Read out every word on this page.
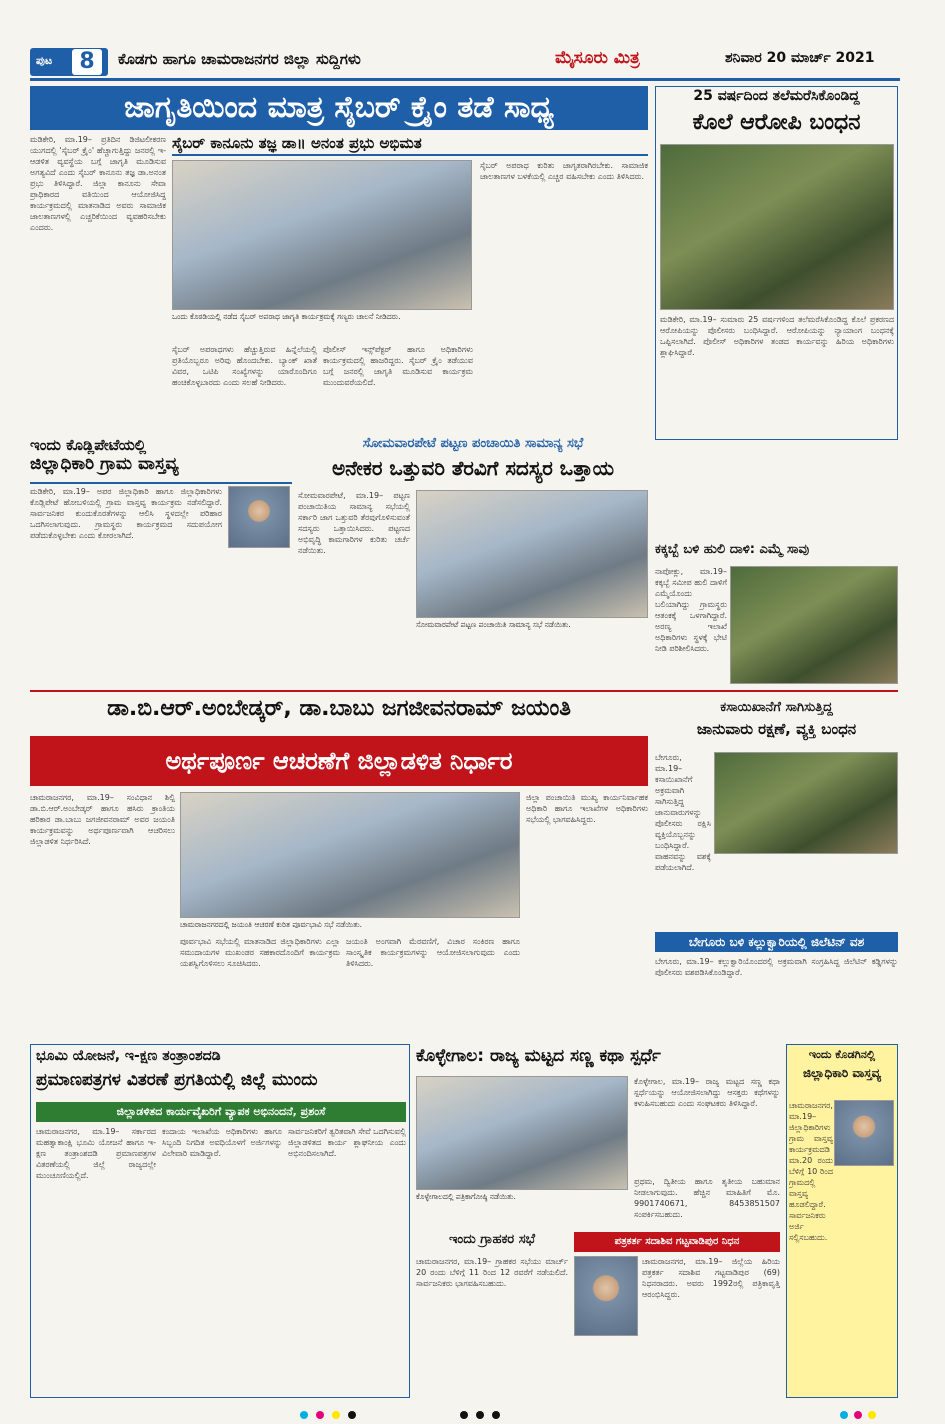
ಪುಟ	8	ಕೊಡಗು ಹಾಗೂ ಚಾಮರಾಜನಗರ ಜಿಲ್ಲಾ ಸುದ್ದಿಗಳು	ಮೈಸೂರು ಮಿತ್ರ	ಶನಿವಾರ 20 ಮಾರ್ಚ್ 2021
ಜಾಗೃತಿಯಿಂದ ಮಾತ್ರ ಸೈಬರ್ ಕ್ರೈಂ ತಡೆ ಸಾಧ್ಯ
ಮಡಿಕೇರಿ, ಮಾ.19– ಪ್ರತಿದಿನ ಡಿಜಿಟಲೀಕರಣ ಯುಗದಲ್ಲಿ 'ಸೈಬರ್ ಕ್ರೈಂ' ಹೆಚ್ಚಾಗುತ್ತಿದ್ದು ಜನರಲ್ಲಿ ಇ-ಆಡಳಿತ ವ್ಯವಸ್ಥೆಯ ಬಗ್ಗೆ ಜಾಗೃತಿ ಮೂಡಿಸುವ ಅಗತ್ಯವಿದೆ ಎಂದು ಸೈಬರ್ ಕಾನೂನು ತಜ್ಞ ಡಾ.ಅನಂತ ಪ್ರಭು ತಿಳಿಸಿದ್ದಾರೆ. ಜಿಲ್ಲಾ ಕಾನೂನು ಸೇವಾ ಪ್ರಾಧಿಕಾರದ ವತಿಯಿಂದ ಆಯೋಜಿಸಿದ್ದ ಕಾರ್ಯಕ್ರಮದಲ್ಲಿ ಮಾತನಾಡಿದ ಅವರು ಸಾಮಾಜಿಕ ಜಾಲತಾಣಗಳಲ್ಲಿ ಎಚ್ಚರಿಕೆಯಿಂದ ವ್ಯವಹರಿಸಬೇಕು ಎಂದರು.
ಸೈಬರ್ ಕಾನೂನು ತಜ್ಞ ಡಾ॥ ಅನಂತ ಪ್ರಭು ಅಭಿಮತ
ಒಂದು ಕೊಠಡಿಯಲ್ಲಿ ನಡೆದ ಸೈಬರ್ ಅಪರಾಧ ಜಾಗೃತಿ ಕಾರ್ಯಕ್ರಮಕ್ಕೆ ಗಣ್ಯರು ಚಾಲನೆ ನೀಡಿದರು.
ಸೈಬರ್ ಅಪರಾಧಗಳು ಹೆಚ್ಚುತ್ತಿರುವ ಹಿನ್ನೆಲೆಯಲ್ಲಿ ಪ್ರತಿಯೊಬ್ಬರೂ ಅರಿವು ಹೊಂದಬೇಕು. ಬ್ಯಾಂಕ್ ಖಾತೆ ವಿವರ, ಒಟಿಪಿ ಸಂಖ್ಯೆಗಳನ್ನು ಯಾರೊಂದಿಗೂ ಹಂಚಿಕೊಳ್ಳಬಾರದು ಎಂದು ಸಲಹೆ ನೀಡಿದರು.
ಪೊಲೀಸ್ ಇನ್ಸ್‌ಪೆಕ್ಟರ್ ಹಾಗೂ ಅಧಿಕಾರಿಗಳು ಕಾರ್ಯಕ್ರಮದಲ್ಲಿ ಹಾಜರಿದ್ದರು. ಸೈಬರ್ ಕ್ರೈಂ ತಡೆಯುವ ಬಗ್ಗೆ ಜನರಲ್ಲಿ ಜಾಗೃತಿ ಮೂಡಿಸುವ ಕಾರ್ಯಕ್ರಮ ಮುಂದುವರೆಯಲಿದೆ.
ಸೈಬರ್ ಅಪರಾಧ ಕುರಿತು ಜಾಗೃತರಾಗಿರಬೇಕು. ಸಾಮಾಜಿಕ ಜಾಲತಾಣಗಳ ಬಳಕೆಯಲ್ಲಿ ಎಚ್ಚರ ವಹಿಸಬೇಕು ಎಂದು ತಿಳಿಸಿದರು.
25 ವರ್ಷದಿಂದ ತಲೆಮರೆಸಿಕೊಂಡಿದ್ದ
ಕೊಲೆ ಆರೋಪಿ ಬಂಧನ
ಮಡಿಕೇರಿ, ಮಾ.19– ಸುಮಾರು 25 ವರ್ಷಗಳಿಂದ ತಲೆಮರೆಸಿಕೊಂಡಿದ್ದ ಕೊಲೆ ಪ್ರಕರಣದ ಆರೋಪಿಯನ್ನು ಪೊಲೀಸರು ಬಂಧಿಸಿದ್ದಾರೆ. ಆರೋಪಿಯನ್ನು ನ್ಯಾಯಾಂಗ ಬಂಧನಕ್ಕೆ ಒಪ್ಪಿಸಲಾಗಿದೆ. ಪೊಲೀಸ್ ಅಧಿಕಾರಿಗಳ ತಂಡದ ಕಾರ್ಯವನ್ನು ಹಿರಿಯ ಅಧಿಕಾರಿಗಳು ಶ್ಲಾಘಿಸಿದ್ದಾರೆ.
ಇಂದು ಕೊಡ್ಲಿಪೇಟೆಯಲ್ಲಿ
ಜಿಲ್ಲಾಧಿಕಾರಿ ಗ್ರಾಮ ವಾಸ್ತವ್ಯ
ಮಡಿಕೇರಿ, ಮಾ.19– ಅಪರ ಜಿಲ್ಲಾಧಿಕಾರಿ ಹಾಗೂ ಜಿಲ್ಲಾಧಿಕಾರಿಗಳು ಕೊಡ್ಲಿಪೇಟೆ ಹೋಬಳಿಯಲ್ಲಿ ಗ್ರಾಮ ವಾಸ್ತವ್ಯ ಕಾರ್ಯಕ್ರಮ ನಡೆಸಲಿದ್ದಾರೆ. ಸಾರ್ವಜನಿಕರ ಕುಂದುಕೊರತೆಗಳನ್ನು ಆಲಿಸಿ ಸ್ಥಳದಲ್ಲೇ ಪರಿಹಾರ ಒದಗಿಸಲಾಗುವುದು. ಗ್ರಾಮಸ್ಥರು ಕಾರ್ಯಕ್ರಮದ ಸದುಪಯೋಗ ಪಡೆದುಕೊಳ್ಳಬೇಕು ಎಂದು ಕೋರಲಾಗಿದೆ.
ಸೋಮವಾರಪೇಟೆ ಪಟ್ಟಣ ಪಂಚಾಯಿತಿ ಸಾಮಾನ್ಯ ಸಭೆ
ಅನೇಕರ ಒತ್ತುವರಿ ತೆರವಿಗೆ ಸದಸ್ಯರ ಒತ್ತಾಯ
ಸೋಮವಾರಪೇಟೆ, ಮಾ.19– ಪಟ್ಟಣ ಪಂಚಾಯಿತಿಯ ಸಾಮಾನ್ಯ ಸಭೆಯಲ್ಲಿ ಸರ್ಕಾರಿ ಜಾಗ ಒತ್ತುವರಿ ತೆರವುಗೊಳಿಸುವಂತೆ ಸದಸ್ಯರು ಒತ್ತಾಯಿಸಿದರು. ಪಟ್ಟಣದ ಅಭಿವೃದ್ಧಿ ಕಾಮಗಾರಿಗಳ ಕುರಿತು ಚರ್ಚೆ ನಡೆಯಿತು.
ಸೋಮವಾರಪೇಟೆ ಪಟ್ಟಣ ಪಂಚಾಯಿತಿ ಸಾಮಾನ್ಯ ಸಭೆ ನಡೆಯಿತು.
ಕಕ್ಕಬ್ಬೆ ಬಳಿ ಹುಲಿ ದಾಳಿ: ಎಮ್ಮೆ ಸಾವು
ನಾಪೋಕ್ಲು, ಮಾ.19– ಕಕ್ಕಬ್ಬೆ ಸಮೀಪ ಹುಲಿ ದಾಳಿಗೆ ಎಮ್ಮೆಯೊಂದು ಬಲಿಯಾಗಿದ್ದು ಗ್ರಾಮಸ್ಥರು ಆತಂಕಕ್ಕೆ ಒಳಗಾಗಿದ್ದಾರೆ. ಅರಣ್ಯ ಇಲಾಖೆ ಅಧಿಕಾರಿಗಳು ಸ್ಥಳಕ್ಕೆ ಭೇಟಿ ನೀಡಿ ಪರಿಶೀಲಿಸಿದರು.
ಡಾ.ಬಿ.ಆರ್.ಅಂಬೇಡ್ಕರ್, ಡಾ.ಬಾಬು ಜಗಜೀವನರಾಮ್ ಜಯಂತಿ
ಅರ್ಥಪೂರ್ಣ ಆಚರಣೆಗೆ ಜಿಲ್ಲಾಡಳಿತ ನಿರ್ಧಾರ
ಚಾಮರಾಜನಗರ, ಮಾ.19– ಸಂವಿಧಾನ ಶಿಲ್ಪಿ ಡಾ.ಬಿ.ಆರ್.ಅಂಬೇಡ್ಕರ್ ಹಾಗೂ ಹಸಿರು ಕ್ರಾಂತಿಯ ಹರಿಕಾರ ಡಾ.ಬಾಬು ಜಗಜೀವನರಾಮ್ ಅವರ ಜಯಂತಿ ಕಾರ್ಯಕ್ರಮವನ್ನು ಅರ್ಥಪೂರ್ಣವಾಗಿ ಆಚರಿಸಲು ಜಿಲ್ಲಾಡಳಿತ ನಿರ್ಧರಿಸಿದೆ.
ಚಾಮರಾಜನಗರದಲ್ಲಿ ಜಯಂತಿ ಆಚರಣೆ ಕುರಿತ ಪೂರ್ವಭಾವಿ ಸಭೆ ನಡೆಯಿತು.
ಪೂರ್ವಭಾವಿ ಸಭೆಯಲ್ಲಿ ಮಾತನಾಡಿದ ಜಿಲ್ಲಾಧಿಕಾರಿಗಳು ಎಲ್ಲಾ ಸಮುದಾಯಗಳ ಮುಖಂಡರ ಸಹಕಾರದೊಂದಿಗೆ ಕಾರ್ಯಕ್ರಮ ಯಶಸ್ವಿಗೊಳಿಸಲು ಸೂಚಿಸಿದರು.
ಜಯಂತಿ ಅಂಗವಾಗಿ ಮೆರವಣಿಗೆ, ವಿಚಾರ ಸಂಕಿರಣ ಹಾಗೂ ಸಾಂಸ್ಕೃತಿಕ ಕಾರ್ಯಕ್ರಮಗಳನ್ನು ಆಯೋಜಿಸಲಾಗುವುದು ಎಂದು ತಿಳಿಸಿದರು.
ಜಿಲ್ಲಾ ಪಂಚಾಯಿತಿ ಮುಖ್ಯ ಕಾರ್ಯನಿರ್ವಾಹಕ ಅಧಿಕಾರಿ ಹಾಗೂ ಇಲಾಖೆಗಳ ಅಧಿಕಾರಿಗಳು ಸಭೆಯಲ್ಲಿ ಭಾಗವಹಿಸಿದ್ದರು.
ಕಸಾಯಿಖಾನೆಗೆ ಸಾಗಿಸುತ್ತಿದ್ದ
ಜಾನುವಾರು ರಕ್ಷಣೆ, ವ್ಯಕ್ತಿ ಬಂಧನ
ಬೇಗೂರು, ಮಾ.19– ಕಸಾಯಿಖಾನೆಗೆ ಅಕ್ರಮವಾಗಿ ಸಾಗಿಸುತ್ತಿದ್ದ ಜಾನುವಾರುಗಳನ್ನು ಪೊಲೀಸರು ರಕ್ಷಿಸಿ ವ್ಯಕ್ತಿಯೊಬ್ಬನನ್ನು ಬಂಧಿಸಿದ್ದಾರೆ. ವಾಹನವನ್ನು ವಶಕ್ಕೆ ಪಡೆಯಲಾಗಿದೆ.
ಬೇಗೂರು ಬಳಿ ಕಲ್ಲುಕ್ವಾರಿಯಲ್ಲಿ ಜಿಲೆಟಿನ್ ವಶ
ಬೇಗೂರು, ಮಾ.19– ಕಲ್ಲುಕ್ವಾರಿಯೊಂದರಲ್ಲಿ ಅಕ್ರಮವಾಗಿ ಸಂಗ್ರಹಿಸಿದ್ದ ಜಿಲೆಟಿನ್ ಕಡ್ಡಿಗಳನ್ನು ಪೊಲೀಸರು ವಶಪಡಿಸಿಕೊಂಡಿದ್ದಾರೆ.
ಭೂಮಿ ಯೋಜನೆ, ಇ-ಕ್ಷಣ ತಂತ್ರಾಂಶದಡಿ
ಪ್ರಮಾಣಪತ್ರಗಳ ವಿತರಣೆ ಪ್ರಗತಿಯಲ್ಲಿ ಜಿಲ್ಲೆ ಮುಂದು
ಜಿಲ್ಲಾಡಳಿತದ ಕಾರ್ಯವೈಖರಿಗೆ ವ್ಯಾಪಕ ಅಭಿನಂದನೆ, ಪ್ರಶಂಸೆ
ಚಾಮರಾಜನಗರ, ಮಾ.19– ಸರ್ಕಾರದ ಮಹತ್ವಾಕಾಂಕ್ಷಿ ಭೂಮಿ ಯೋಜನೆ ಹಾಗೂ ಇ-ಕ್ಷಣ ತಂತ್ರಾಂಶದಡಿ ಪ್ರಮಾಣಪತ್ರಗಳ ವಿತರಣೆಯಲ್ಲಿ ಜಿಲ್ಲೆ ರಾಜ್ಯದಲ್ಲೇ ಮುಂಚೂಣಿಯಲ್ಲಿದೆ.
ಕಂದಾಯ ಇಲಾಖೆಯ ಅಧಿಕಾರಿಗಳು ಹಾಗೂ ಸಿಬ್ಬಂದಿ ನಿಗದಿತ ಅವಧಿಯೊಳಗೆ ಅರ್ಜಿಗಳನ್ನು ವಿಲೇವಾರಿ ಮಾಡಿದ್ದಾರೆ.
ಸಾರ್ವಜನಿಕರಿಗೆ ತ್ವರಿತವಾಗಿ ಸೇವೆ ಒದಗಿಸುವಲ್ಲಿ ಜಿಲ್ಲಾಡಳಿತದ ಕಾರ್ಯ ಶ್ಲಾಘನೀಯ ಎಂದು ಅಭಿನಂದಿಸಲಾಗಿದೆ.
ಕೊಳ್ಳೇಗಾಲ: ರಾಜ್ಯ ಮಟ್ಟದ ಸಣ್ಣ ಕಥಾ ಸ್ಪರ್ಧೆ
ಕೊಳ್ಳೇಗಾಲದಲ್ಲಿ ಪತ್ರಿಕಾಗೋಷ್ಠಿ ನಡೆಯಿತು.
ಕೊಳ್ಳೇಗಾಲ, ಮಾ.19– ರಾಜ್ಯ ಮಟ್ಟದ ಸಣ್ಣ ಕಥಾ ಸ್ಪರ್ಧೆಯನ್ನು ಆಯೋಜಿಸಲಾಗಿದ್ದು ಆಸಕ್ತರು ಕಥೆಗಳನ್ನು ಕಳುಹಿಸಬಹುದು ಎಂದು ಸಂಘಟಕರು ತಿಳಿಸಿದ್ದಾರೆ.
ಪ್ರಥಮ, ದ್ವಿತೀಯ ಹಾಗೂ ತೃತೀಯ ಬಹುಮಾನ ನೀಡಲಾಗುವುದು. ಹೆಚ್ಚಿನ ಮಾಹಿತಿಗೆ ಮೊ. 9901740671, 8453851507 ಸಂಪರ್ಕಿಸಬಹುದು.
ಇಂದು ಗ್ರಾಹಕರ ಸಭೆ
ಚಾಮರಾಜನಗರ, ಮಾ.19– ಗ್ರಾಹಕರ ಸಭೆಯು ಮಾರ್ಚ್ 20 ರಂದು ಬೆಳಿಗ್ಗೆ 11 ರಿಂದ 12 ರವರೆಗೆ ನಡೆಯಲಿದೆ. ಸಾರ್ವಜನಿಕರು ಭಾಗವಹಿಸಬಹುದು.
ಪತ್ರಕರ್ತ ಸದಾಶಿವ ಗಟ್ಟವಾಡಿಪುರ ನಿಧನ
ಚಾಮರಾಜನಗರ, ಮಾ.19– ಜಿಲ್ಲೆಯ ಹಿರಿಯ ಪತ್ರಕರ್ತ ಸದಾಶಿವ ಗಟ್ಟವಾಡಿಪುರ (69) ನಿಧನರಾದರು. ಅವರು 1992ರಲ್ಲಿ ಪತ್ರಿಕಾವೃತ್ತಿ ಆರಂಭಿಸಿದ್ದರು.
ಇಂದು ಕೊಡಗಿನಲ್ಲಿ
ಜಿಲ್ಲಾಧಿಕಾರಿ ವಾಸ್ತವ್ಯ
ಚಾಮರಾಜನಗರ, ಮಾ.19– ಜಿಲ್ಲಾಧಿಕಾರಿಗಳು ಗ್ರಾಮ ವಾಸ್ತವ್ಯ ಕಾರ್ಯಕ್ರಮದಡಿ ಮಾ.20 ರಂದು ಬೆಳಿಗ್ಗೆ 10 ರಿಂದ ಗ್ರಾಮದಲ್ಲಿ ವಾಸ್ತವ್ಯ ಹೂಡಲಿದ್ದಾರೆ. ಸಾರ್ವಜನಿಕರು ಅರ್ಜಿ ಸಲ್ಲಿಸಬಹುದು.
